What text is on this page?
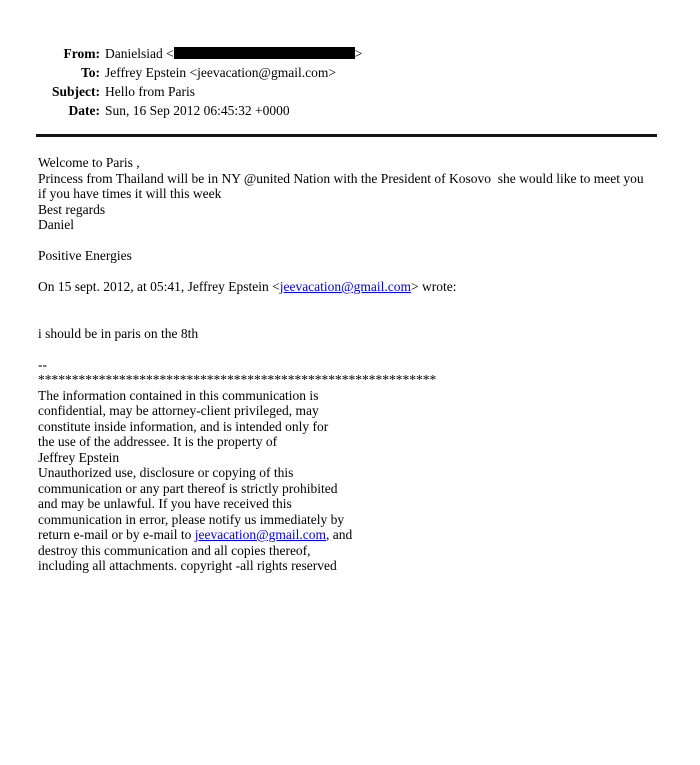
From: Danielsiad <	>
To: Jeffrey Epstein <jeevacation@gmail.com>
Subject: Hello from Paris
Date: Sun, 16 Sep 2012 06:45:32 +0000
Welcome to Paris ,
Princess from Thailand will be in NY @united Nation with the President of Kosovo  she would like to meet you
if you have times it will this week
Best regards
Daniel
Positive Energies
On 15 sept. 2012, at 05:41, Jeffrey Epstein <jeevacation@gmail.com> wrote:
i should be in paris on the 8th
--
***********************************************************
The information contained in this communication is
confidential, may be attorney-client privileged, may
constitute inside information, and is intended only for
the use of the addressee. It is the property of
Jeffrey Epstein
Unauthorized use, disclosure or copying of this
communication or any part thereof is strictly prohibited
and may be unlawful. If you have received this
communication in error, please notify us immediately by
return e-mail or by e-mail to jeevacation@gmail.com, and
destroy this communication and all copies thereof,
including all attachments. copyright -all rights reserved
